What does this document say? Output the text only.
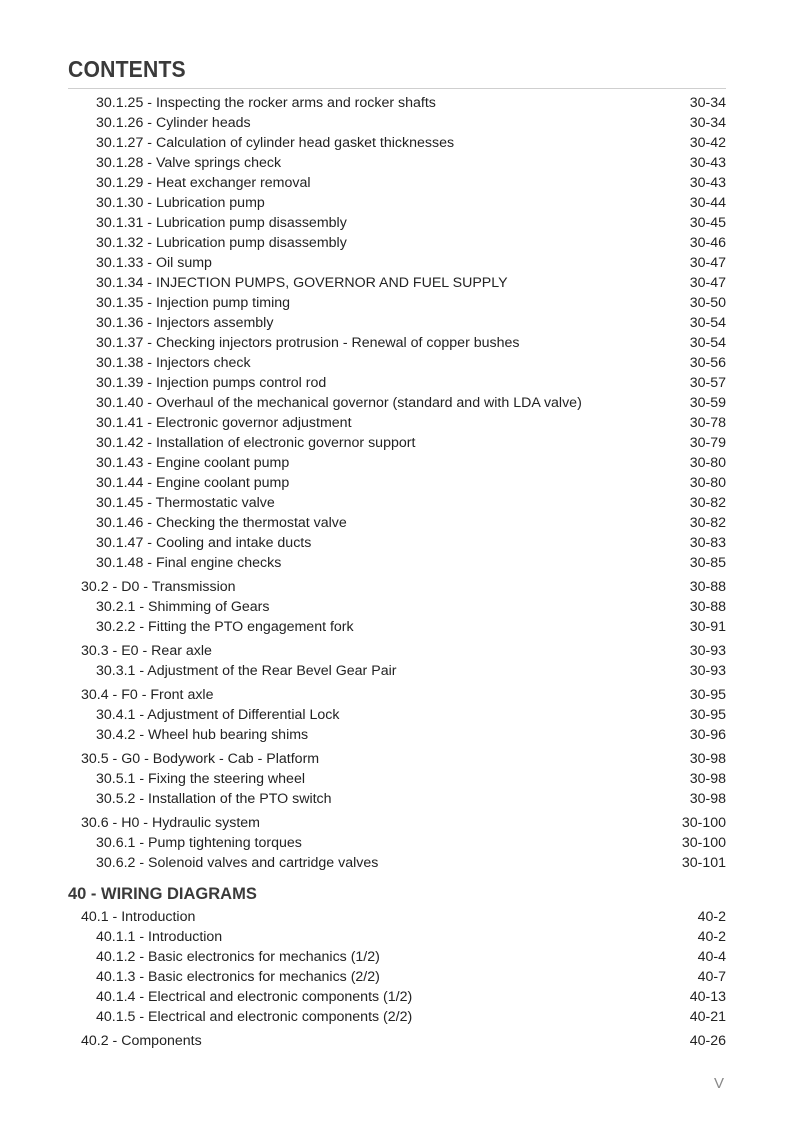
CONTENTS
30.1.25 - Inspecting the rocker arms and rocker shafts	30-34
30.1.26 - Cylinder heads	30-34
30.1.27 - Calculation of cylinder head gasket thicknesses	30-42
30.1.28 - Valve springs check	30-43
30.1.29 - Heat exchanger removal	30-43
30.1.30 - Lubrication pump	30-44
30.1.31 - Lubrication pump disassembly	30-45
30.1.32 - Lubrication pump disassembly	30-46
30.1.33 - Oil sump	30-47
30.1.34 - INJECTION PUMPS, GOVERNOR AND FUEL SUPPLY	30-47
30.1.35 - Injection pump timing	30-50
30.1.36 - Injectors assembly	30-54
30.1.37 - Checking injectors protrusion - Renewal of copper bushes	30-54
30.1.38 - Injectors check	30-56
30.1.39 - Injection pumps control rod	30-57
30.1.40 - Overhaul of the mechanical governor (standard and with LDA valve)	30-59
30.1.41 - Electronic governor adjustment	30-78
30.1.42 - Installation of electronic governor support	30-79
30.1.43 - Engine coolant pump	30-80
30.1.44 - Engine coolant pump	30-80
30.1.45 - Thermostatic valve	30-82
30.1.46 - Checking the thermostat valve	30-82
30.1.47 - Cooling and intake ducts	30-83
30.1.48 - Final engine checks	30-85
30.2 - D0 - Transmission	30-88
30.2.1 - Shimming of Gears	30-88
30.2.2 - Fitting the PTO engagement fork	30-91
30.3 - E0 - Rear axle	30-93
30.3.1 - Adjustment of the Rear Bevel Gear Pair	30-93
30.4 - F0 - Front axle	30-95
30.4.1 - Adjustment of Differential Lock	30-95
30.4.2 - Wheel hub bearing shims	30-96
30.5 - G0 - Bodywork - Cab - Platform	30-98
30.5.1 - Fixing the steering wheel	30-98
30.5.2 - Installation of the PTO switch	30-98
30.6 - H0 - Hydraulic system	30-100
30.6.1 - Pump tightening torques	30-100
30.6.2 - Solenoid valves and cartridge valves	30-101
40 - WIRING DIAGRAMS
40.1 - Introduction	40-2
40.1.1 - Introduction	40-2
40.1.2 - Basic electronics for mechanics (1/2)	40-4
40.1.3 - Basic electronics for mechanics (2/2)	40-7
40.1.4 - Electrical and electronic components (1/2)	40-13
40.1.5 - Electrical and electronic components (2/2)	40-21
40.2 - Components	40-26
V
